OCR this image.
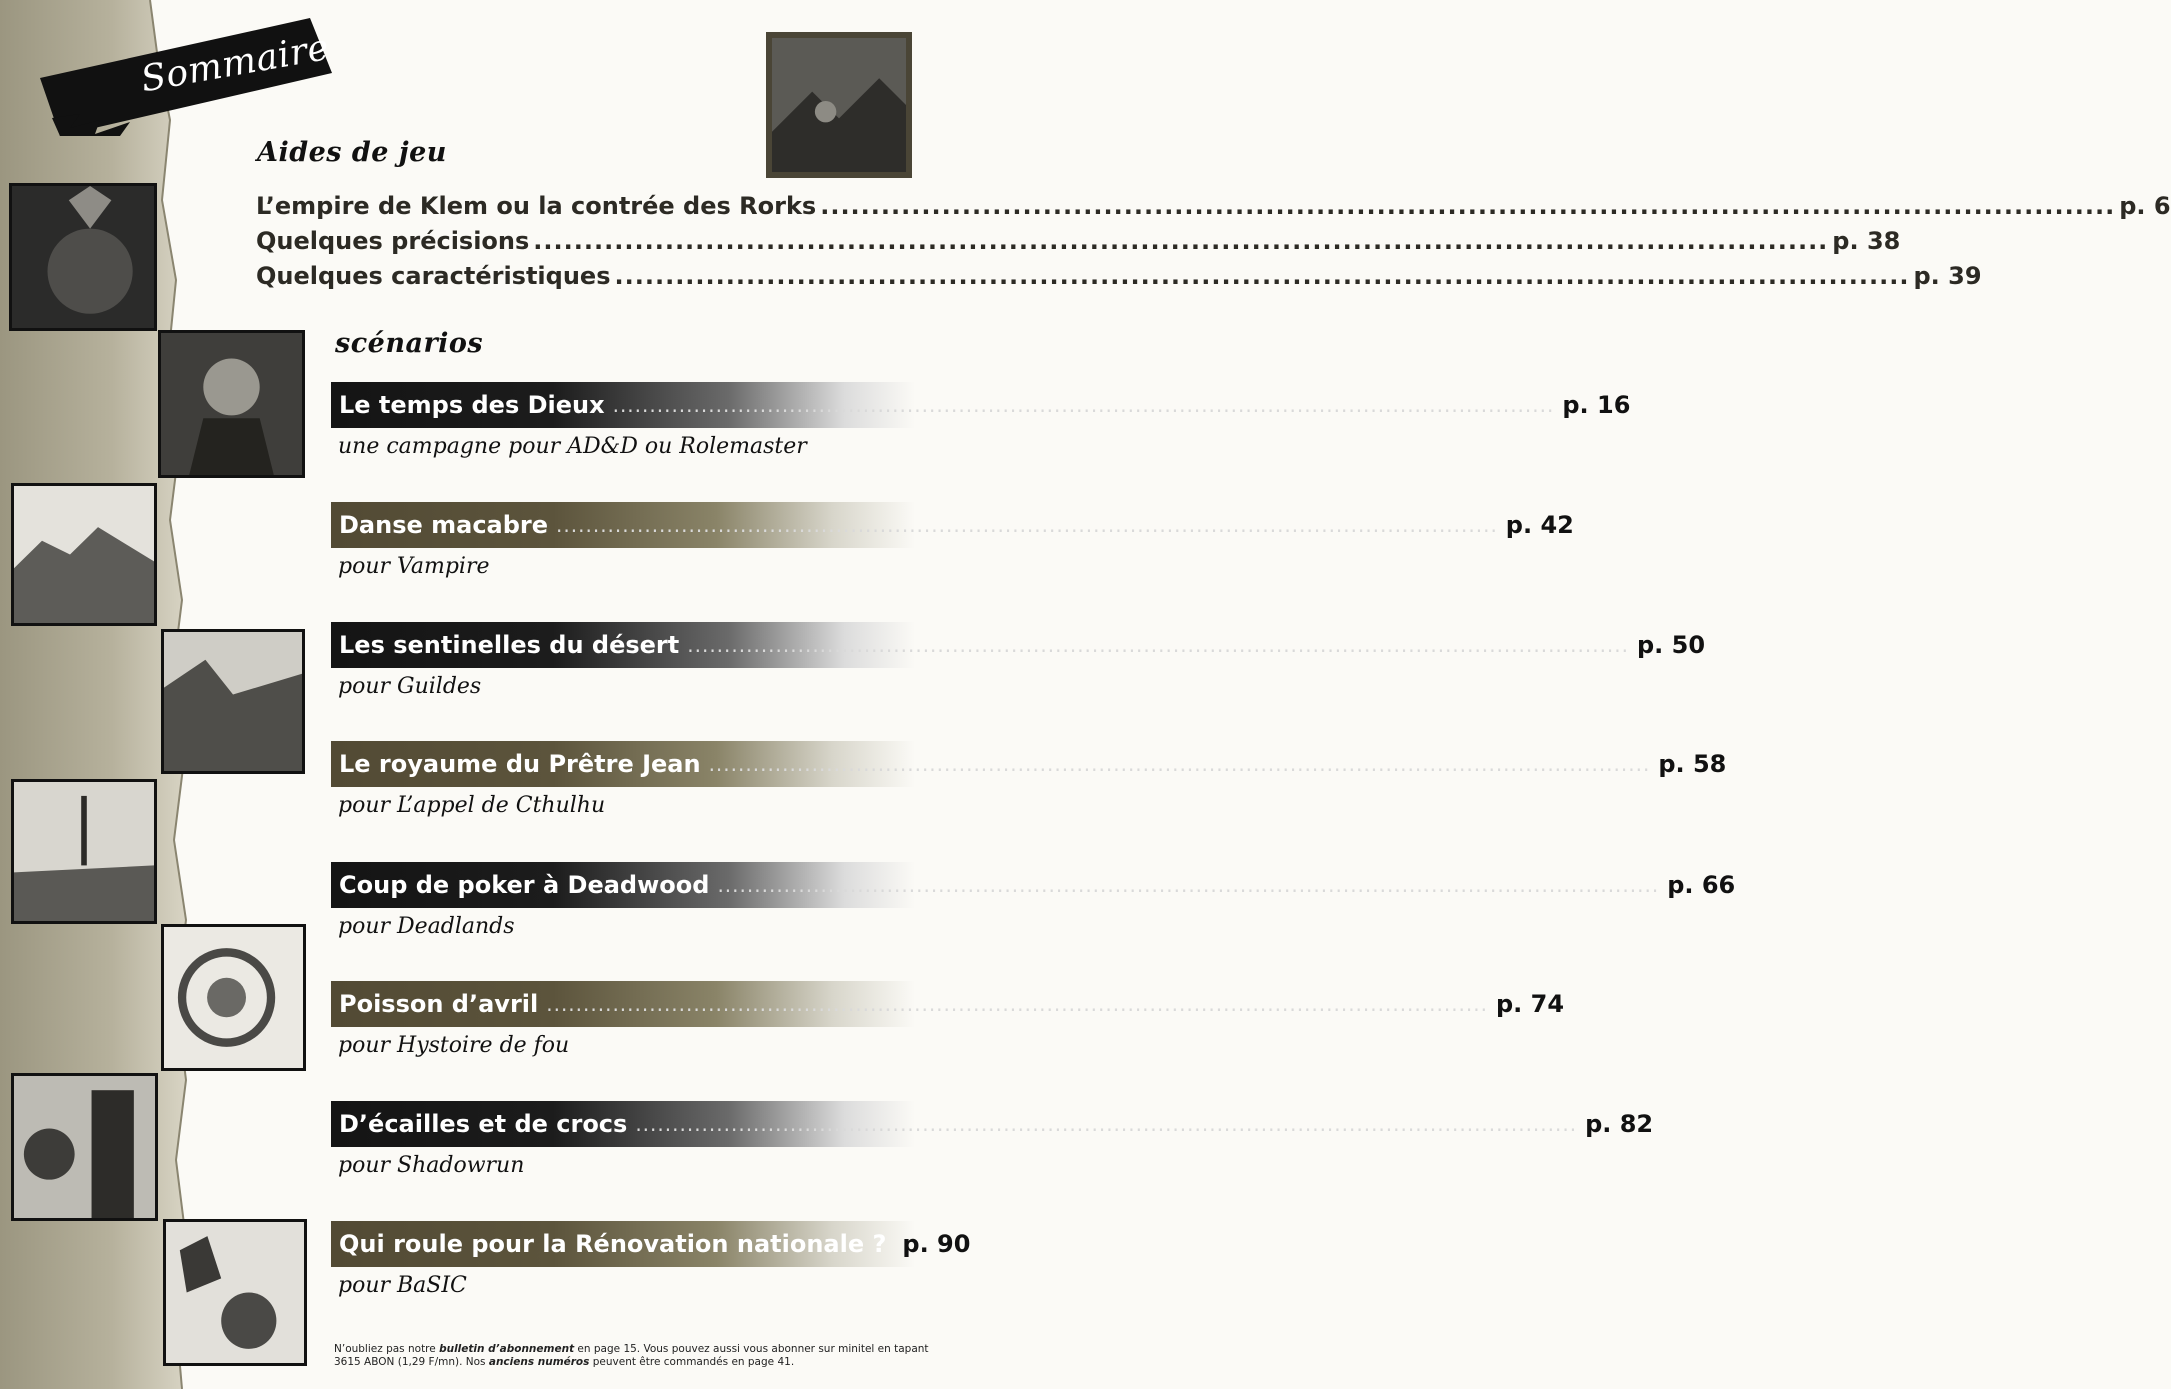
Sommaire
Aides de jeu
L’empire de Klem ou la contrée des Rorks .....	p. 6
Quelques précisions .....	p. 38
Quelques caractéristiques .....	p. 39
scénarios
Le temps des Dieux .....	p. 16
une campagne pour AD&D ou Rolemaster
Danse macabre .....	p. 42
pour Vampire
Les sentinelles du désert .....	p. 50
pour Guildes
Le royaume du Prêtre Jean .....	p. 58
pour L’appel de Cthulhu
Coup de poker à Deadwood .....	p. 66
pour Deadlands
Poisson d’avril .....	p. 74
pour Hystoire de fou
D’écailles et de crocs .....	p. 82
pour Shadowrun
Qui roule pour la Rénovation nationale ? p. 90
pour BaSIC
N’oubliez pas notre bulletin d’abonnement en page 15. Vous pouvez aussi vous abonner sur minitel en tapant 3615 ABON (1,29 F/mn). Nos anciens numéros peuvent être commandés en page 41.
